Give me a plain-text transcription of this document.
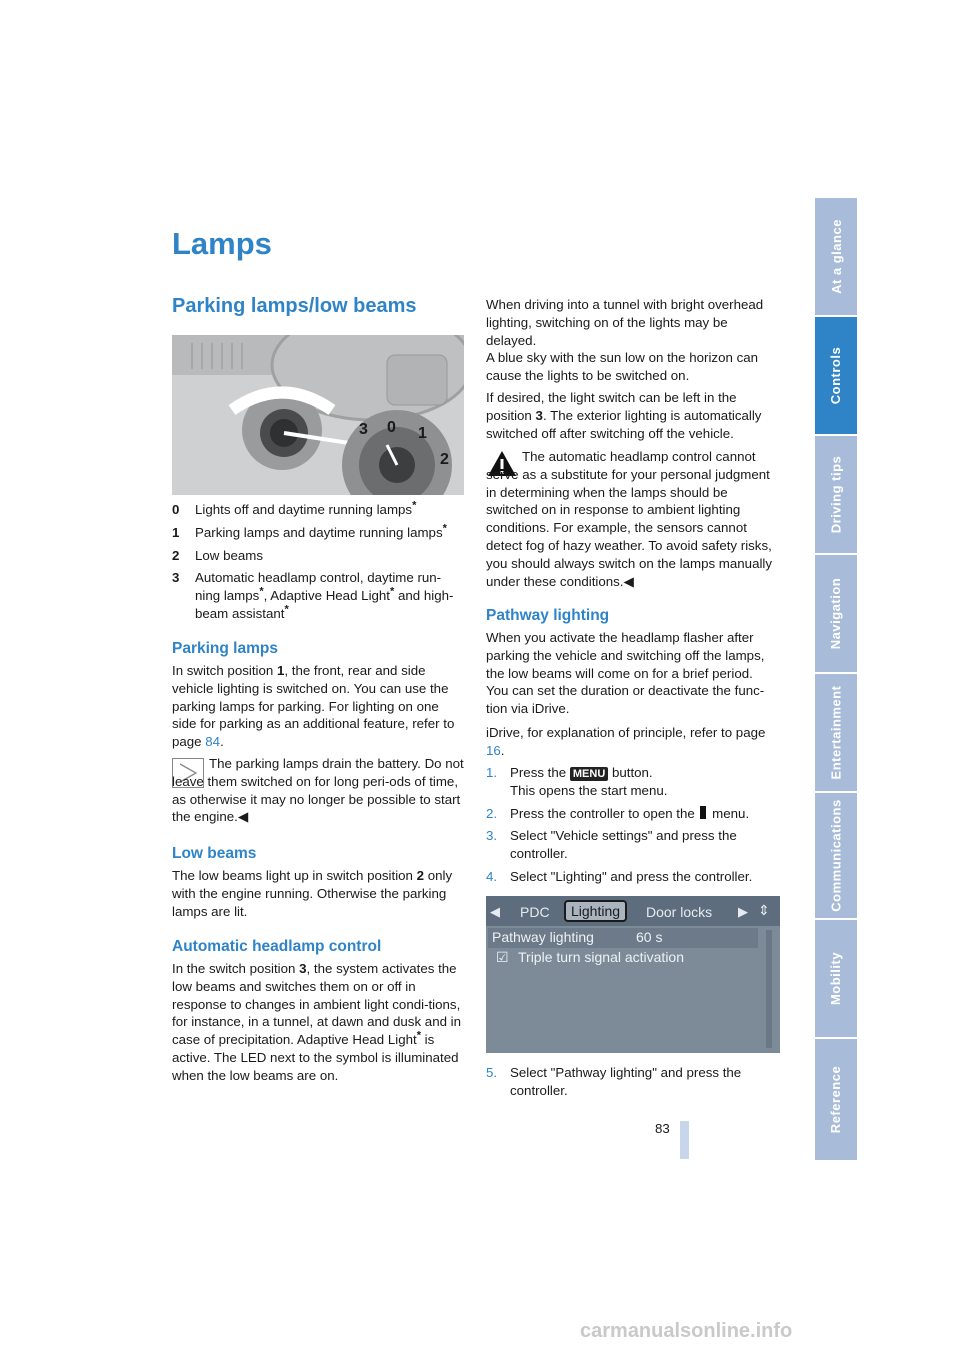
At a glance
Controls
Driving tips
Navigation
Entertainment
Communications
Mobility
Reference
Lamps
Parking lamps/low beams
3 0 1
2
0	Lights off and daytime running lamps*
1	Parking lamps and daytime running lamps*
2	Low beams
3	Automatic headlamp control, daytime run-ning lamps*, Adaptive Head Light* and high-beam assistant*
Parking lamps

In switch position 1, the front, rear and side vehicle lighting is switched on. You can use the parking lamps for parking. For lighting on one side for parking as an additional feature, refer to page 84.

The parking lamps drain the battery. Do not leave them switched on for long peri-ods of time, as otherwise it may no longer be possible to start the engine.◀

Low beams

The low beams light up in switch position 2 only with the engine running. Otherwise the parking lamps are lit.

Automatic headlamp control

In the switch position 3, the system activates the low beams and switches them on or off in response to changes in ambient light condi-tions, for instance, in a tunnel, at dawn and dusk and in case of precipitation. Adaptive Head Light* is active. The LED next to the symbol is illuminated when the low beams are on.

When driving into a tunnel with bright overhead lighting, switching on of the lights may be delayed.

A blue sky with the sun low on the horizon can cause the lights to be switched on.

If desired, the light switch can be left in the position 3. The exterior lighting is automatically switched off after switching off the vehicle.

The automatic headlamp control cannot serve as a substitute for your personal judgment in determining when the lamps should be switched on in response to ambient lighting conditions. For example, the sensors cannot detect fog of hazy weather. To avoid safety risks, you should always switch on the lamps manually under these conditions.◀

Pathway lighting

When you activate the headlamp flasher after parking the vehicle and switching off the lamps, the low beams will come on for a brief period. You can set the duration or deactivate the func-tion via iDrive.

iDrive, for explanation of principle, refer to page 16.

1. Press the MENU button.
This opens the start menu.
2. Press the controller to open the  menu.
3. Select "Vehicle settings" and press the controller.
4. Select "Lighting" and press the controller.
◀ PDC	Lighting	Door locks ▶ ⇕
Pathway lighting	60 s
☑ Triple turn signal activation
5. Select "Pathway lighting" and press the controller.
83
carmanualsonline.info
